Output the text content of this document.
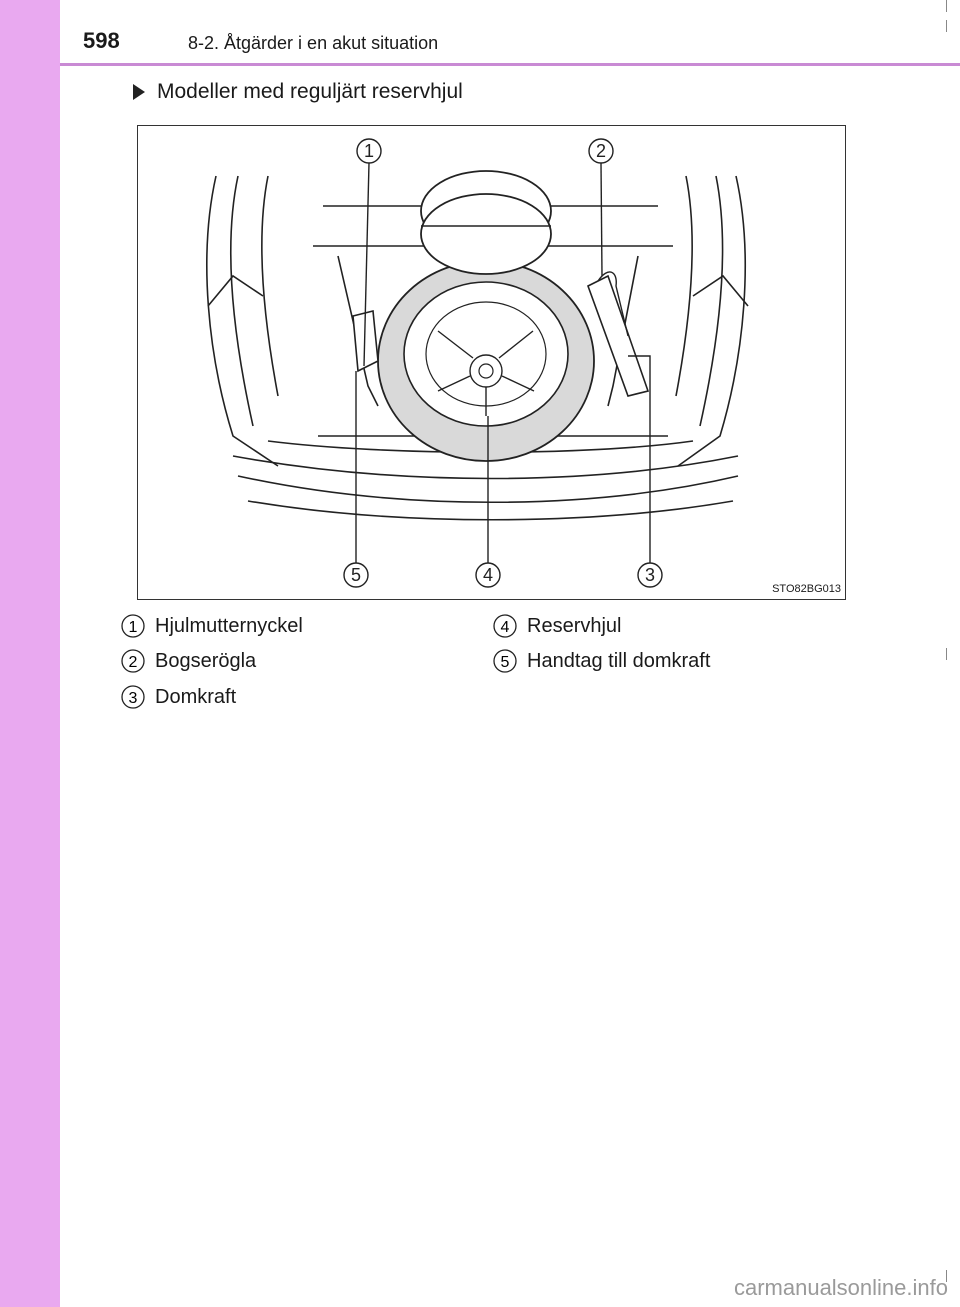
598	8-2. Åtgärder i en akut situation
Modeller med reguljärt reservhjul
1	2
3
4
5
STO82BG013
1 Hjulmutternyckel
2 Bogserögla
3 Domkraft
4 Reservhjul
5 Handtag till domkraft
carmanualsonline.info
